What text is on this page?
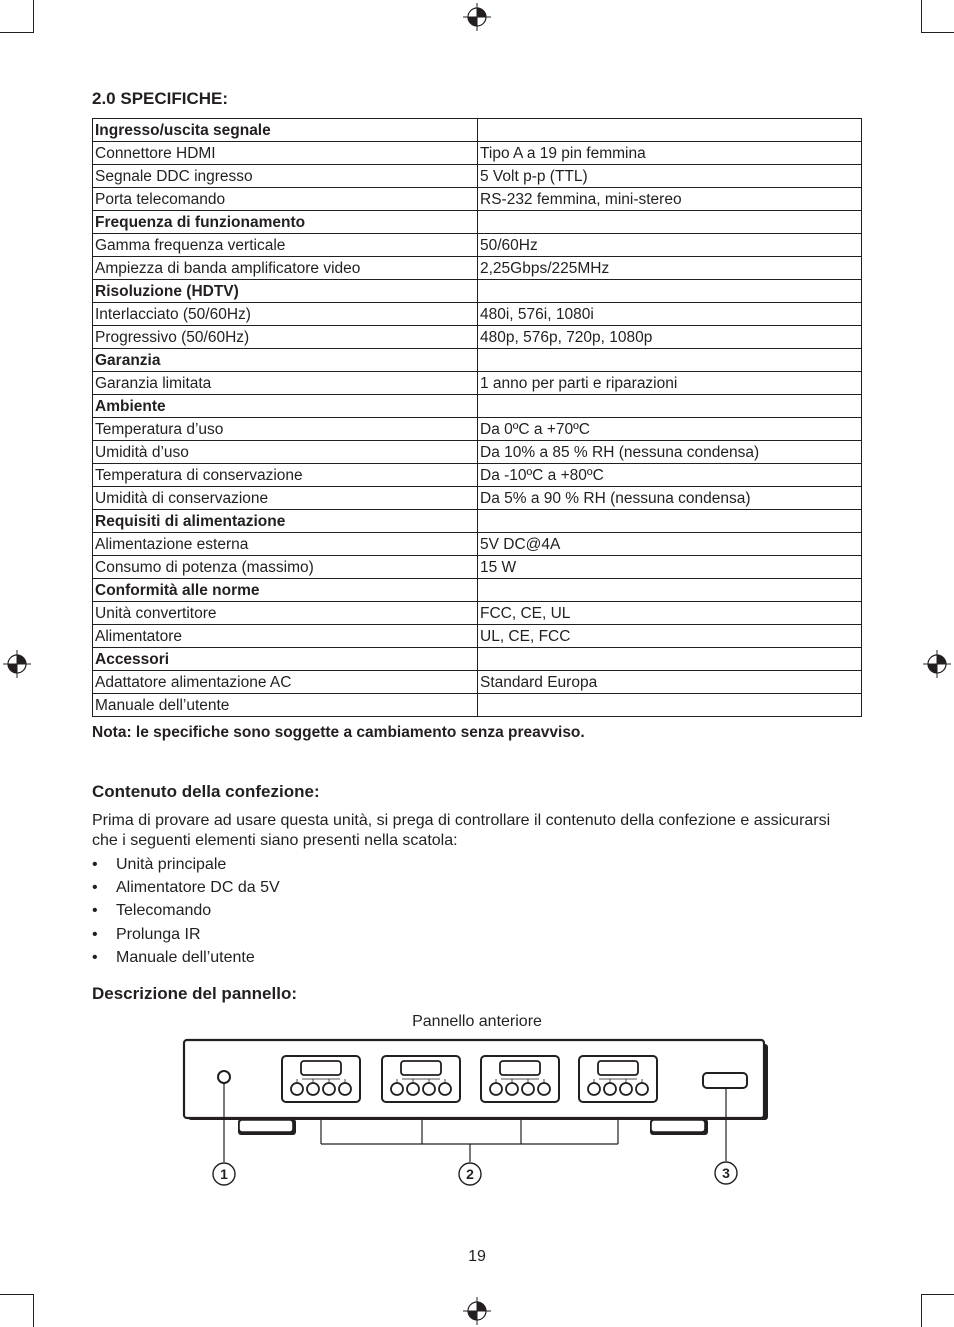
2.0 SPECIFICHE:
Ingresso/uscita segnale	
Connettore HDMI	Tipo A a 19 pin femmina
Segnale DDC ingresso	5 Volt p-p (TTL)
Porta telecomando	RS-232 femmina, mini-stereo
Frequenza di funzionamento	
Gamma frequenza verticale	50/60Hz
Ampiezza di banda amplificatore video	2,25Gbps/225MHz
Risoluzione (HDTV)	
Interlacciato (50/60Hz)	480i, 576i, 1080i
Progressivo (50/60Hz)	480p, 576p, 720p, 1080p
Garanzia	
Garanzia limitata	1 anno per parti e riparazioni
Ambiente	
Temperatura d’uso	Da 0ºC a +70ºC
Umidità d’uso	Da 10% a 85 % RH (nessuna condensa)
Temperatura di conservazione	Da -10ºC a +80ºC
Umidità di conservazione	Da 5% a 90 % RH (nessuna condensa)
Requisiti di alimentazione	
Alimentazione esterna	5V DC@4A
Consumo di potenza (massimo)	15 W
Conformità alle norme	
Unità convertitore	FCC, CE, UL
Alimentatore	UL, CE, FCC
Accessori	
Adattatore alimentazione AC	Standard Europa
Manuale dell’utente	
Nota: le specifiche sono soggette a cambiamento senza preavviso.
Contenuto della confezione:
Prima di provare ad usare questa unità, si prega di controllare il contenuto della confezione e assicurarsi che i seguenti elementi siano presenti nella scatola:
• Unità principale
• Alimentatore DC da 5V
• Telecomando
• Prolunga IR
• Manuale dell’utente
Descrizione del pannello:
Pannello anteriore
1	2	3
19
